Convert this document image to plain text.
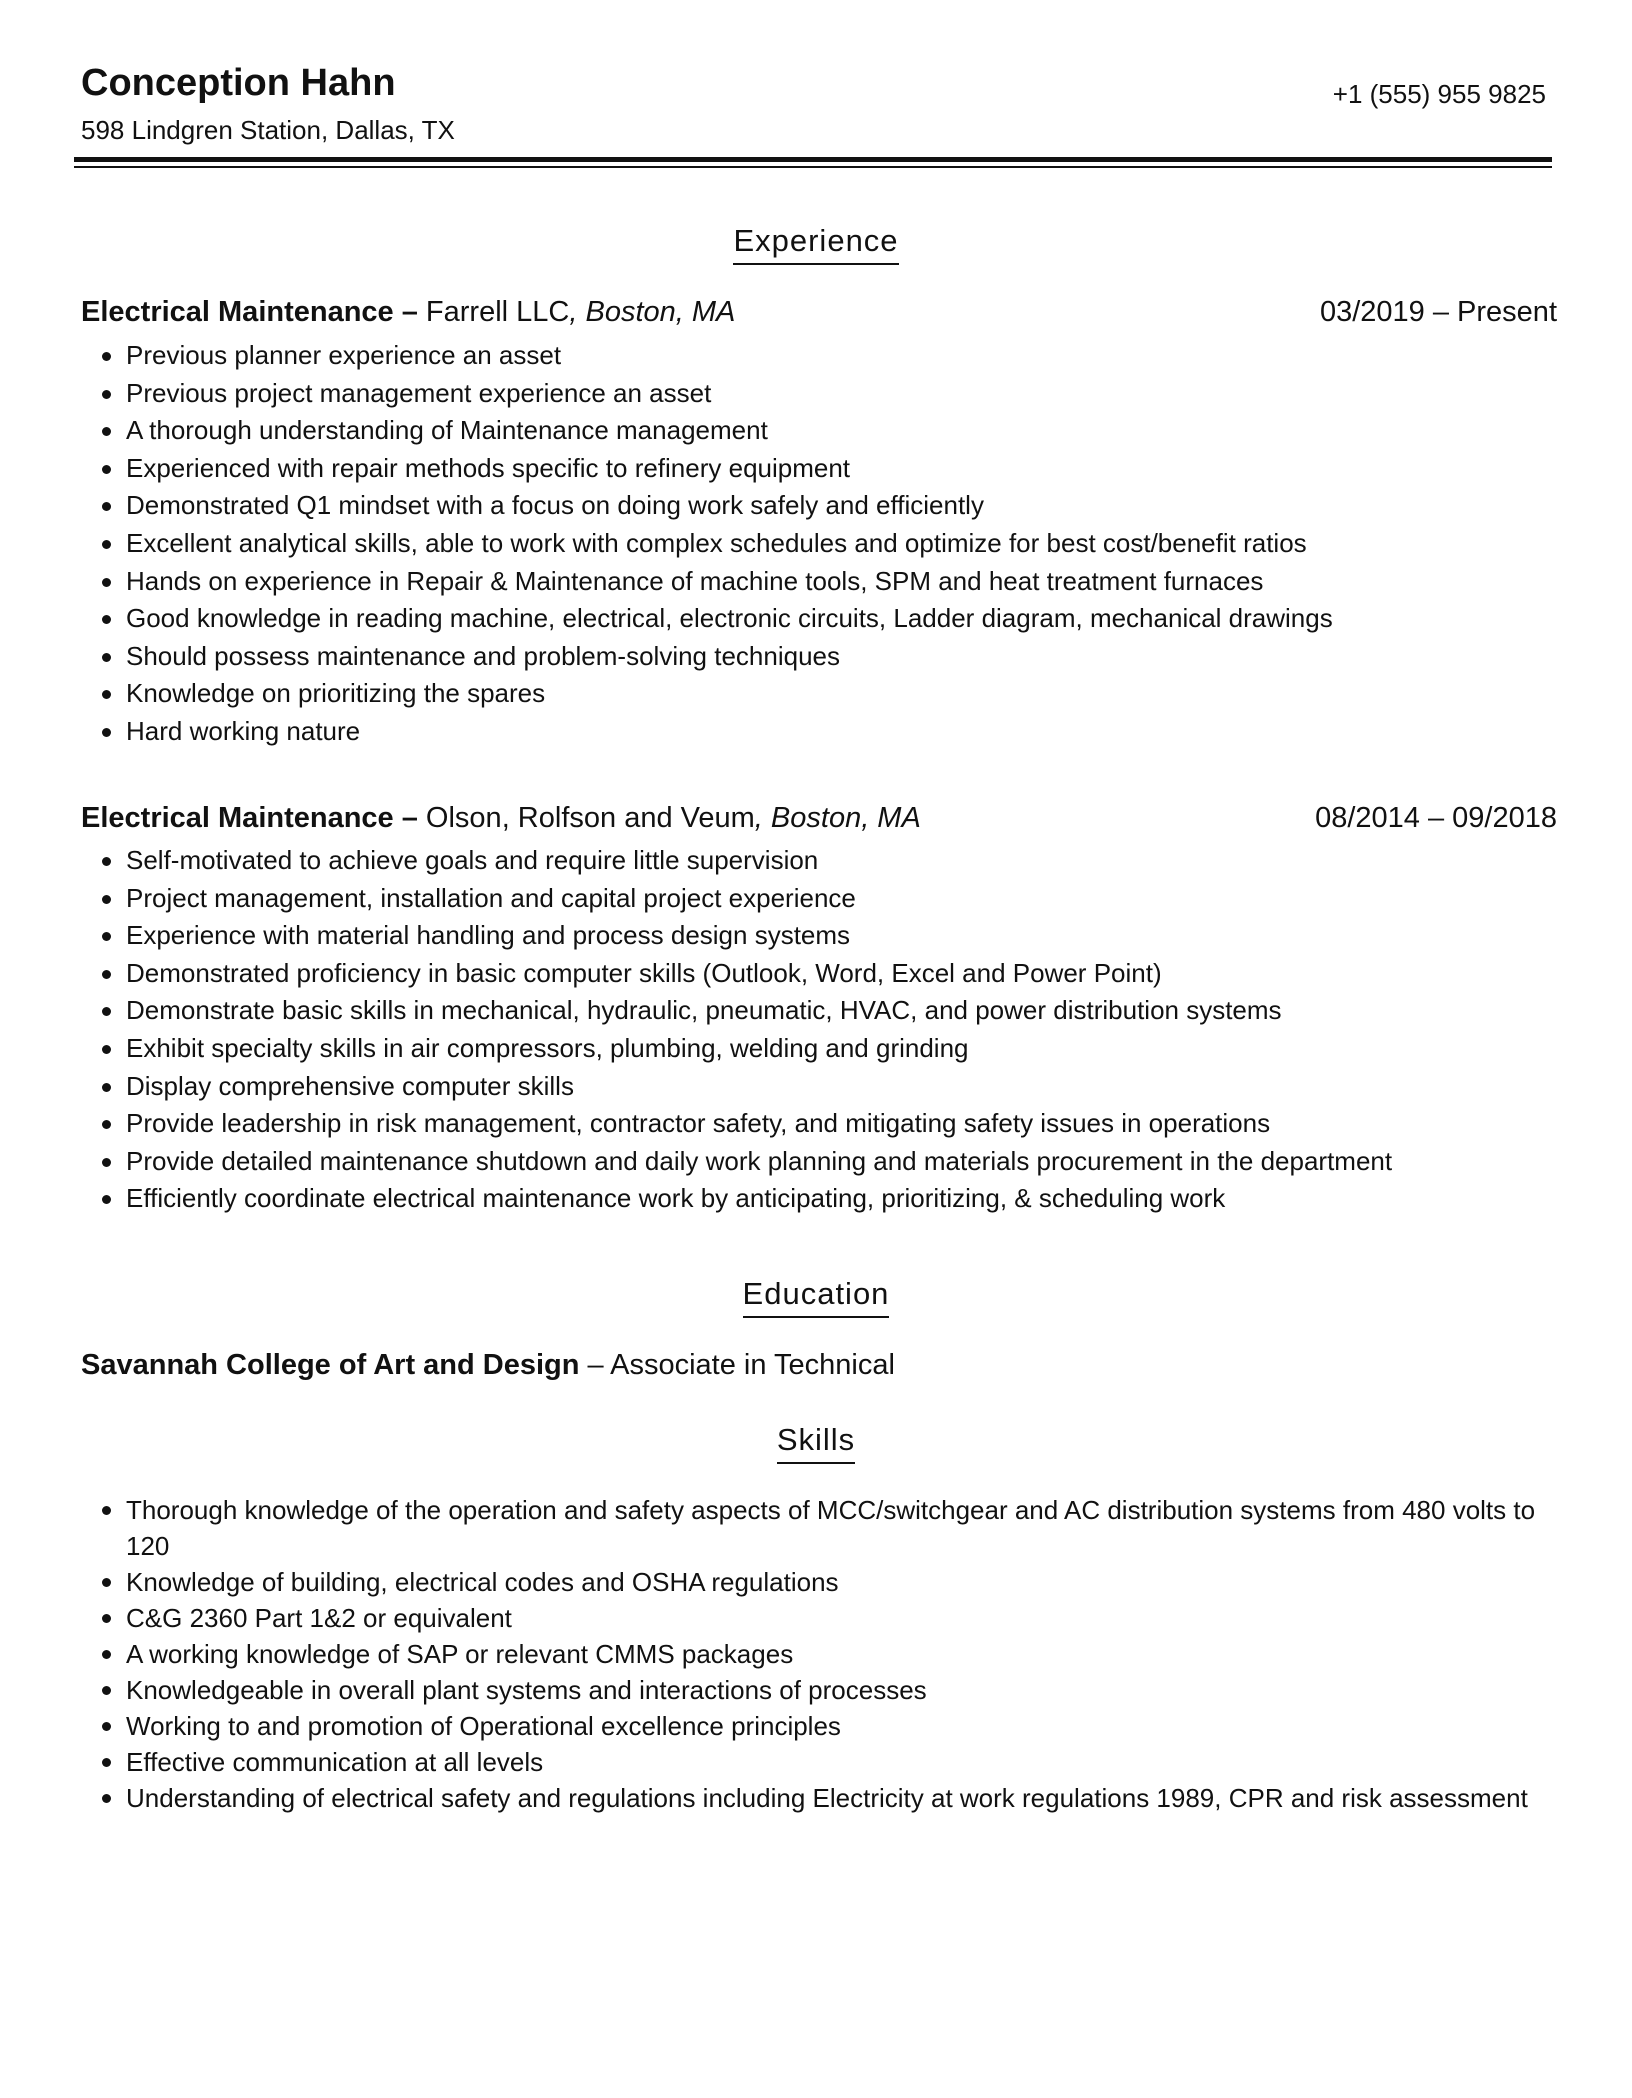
Conception Hahn
598 Lindgren Station, Dallas, TX
+1 (555) 955 9825
Experience
Electrical Maintenance – Farrell LLC, Boston, MA	03/2019 – Present
Previous planner experience an asset
Previous project management experience an asset
A thorough understanding of Maintenance management
Experienced with repair methods specific to refinery equipment
Demonstrated Q1 mindset with a focus on doing work safely and efficiently
Excellent analytical skills, able to work with complex schedules and optimize for best cost/benefit ratios
Hands on experience in Repair & Maintenance of machine tools, SPM and heat treatment furnaces
Good knowledge in reading machine, electrical, electronic circuits, Ladder diagram, mechanical drawings
Should possess maintenance and problem-solving techniques
Knowledge on prioritizing the spares
Hard working nature
Electrical Maintenance – Olson, Rolfson and Veum, Boston, MA	08/2014 – 09/2018
Self-motivated to achieve goals and require little supervision
Project management, installation and capital project experience
Experience with material handling and process design systems
Demonstrated proficiency in basic computer skills (Outlook, Word, Excel and Power Point)
Demonstrate basic skills in mechanical, hydraulic, pneumatic, HVAC, and power distribution systems
Exhibit specialty skills in air compressors, plumbing, welding and grinding
Display comprehensive computer skills
Provide leadership in risk management, contractor safety, and mitigating safety issues in operations
Provide detailed maintenance shutdown and daily work planning and materials procurement in the department
Efficiently coordinate electrical maintenance work by anticipating, prioritizing, & scheduling work
Education
Savannah College of Art and Design – Associate in Technical
Skills
Thorough knowledge of the operation and safety aspects of MCC/switchgear and AC distribution systems from 480 volts to 120
Knowledge of building, electrical codes and OSHA regulations
C&G 2360 Part 1&2 or equivalent
A working knowledge of SAP or relevant CMMS packages
Knowledgeable in overall plant systems and interactions of processes
Working to and promotion of Operational excellence principles
Effective communication at all levels
Understanding of electrical safety and regulations including Electricity at work regulations 1989, CPR and risk assessment
